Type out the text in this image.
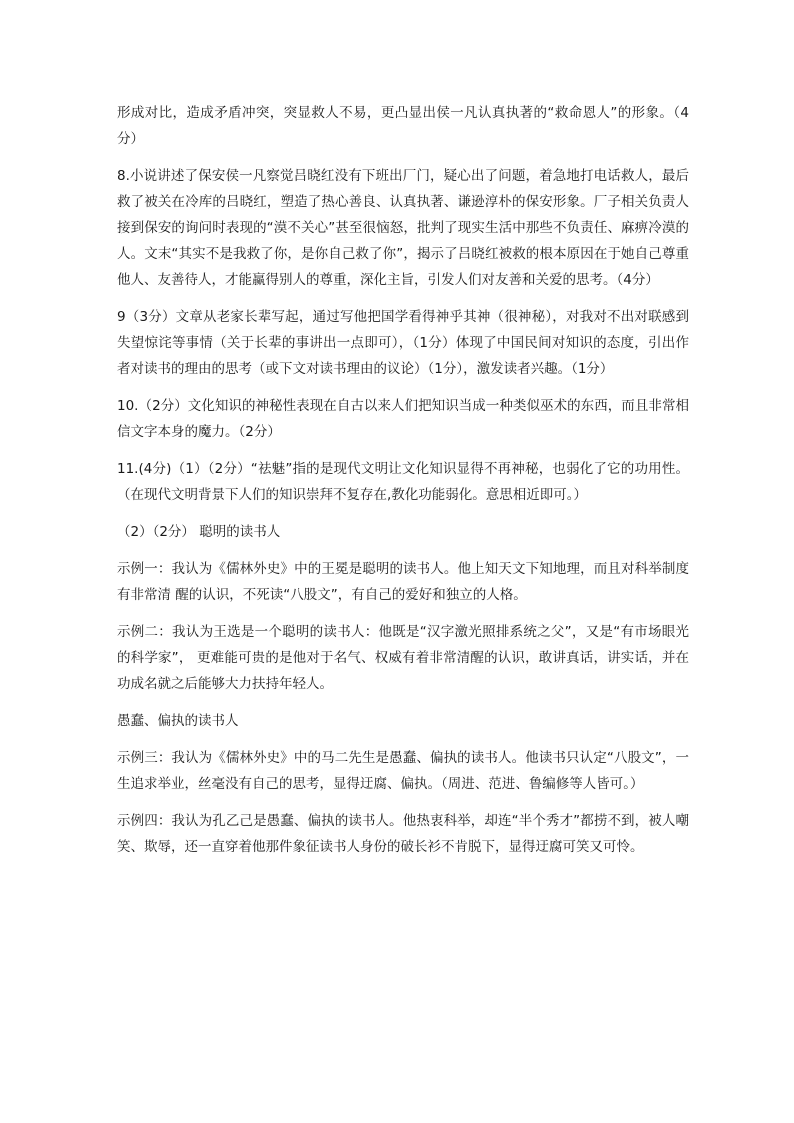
形成对比，造成矛盾冲突，突显救人不易，更凸显出侯一凡认真执著的“救命恩人”的形象。（4分）

8.小说讲述了保安侯一凡察觉吕晓红没有下班出厂门，疑心出了问题，着急地打电话救人，最后救了被关在冷库的吕晓红，塑造了热心善良、认真执著、谦逊淳朴的保安形象。厂子相关负责人接到保安的询问时表现的“漠不关心”甚至很恼怒，批判了现实生活中那些不负责任、麻痹冷漠的人。文末“其实不是我救了你，是你自己救了你”，揭示了吕晓红被救的根本原因在于她自己尊重他人、友善待人，才能赢得别人的尊重，深化主旨，引发人们对友善和关爱的思考。（4分）

9（3分）文章从老家长辈写起，通过写他把国学看得神乎其神（很神秘），对我对不出对联感到失望惊诧等事情（关于长辈的事讲出一点即可），（1分）体现了中国民间对知识的态度，引出作者对读书的理由的思考（或下文对读书理由的议论）（1分），激发读者兴趣。（1分）

10.（2分）文化知识的神秘性表现在自古以来人们把知识当成一种类似巫术的东西，而且非常相信文字本身的魔力。（2分）

11.(4分)（1）（2分）“祛魅”指的是现代文明让文化知识显得不再神秘，也弱化了它的功用性。（在现代文明背景下人们的知识崇拜不复存在,教化功能弱化。意思相近即可。）

（2）（2分） 聪明的读书人

示例一：我认为《儒林外史》中的王冕是聪明的读书人。他上知天文下知地理，而且对科举制度有非常清 醒的认识，不死读“八股文”，有自己的爱好和独立的人格。

示例二：我认为王选是一个聪明的读书人：他既是“汉字激光照排系统之父”，又是“有市场眼光的科学家”， 更难能可贵的是他对于名气、权威有着非常清醒的认识，敢讲真话，讲实话，并在功成名就之后能够大力扶持年轻人。

愚蠢、偏执的读书人

示例三：我认为《儒林外史》中的马二先生是愚蠢、偏执的读书人。他读书只认定“八股文”，一生追求举业，丝毫没有自己的思考，显得迂腐、偏执。（周进、范进、鲁编修等人皆可。）

示例四：我认为孔乙己是愚蠢、偏执的读书人。他热衷科举，却连“半个秀才”都捞不到，被人嘲笑、欺辱，还一直穿着他那件象征读书人身份的破长衫不肯脱下，显得迂腐可笑又可怜。
